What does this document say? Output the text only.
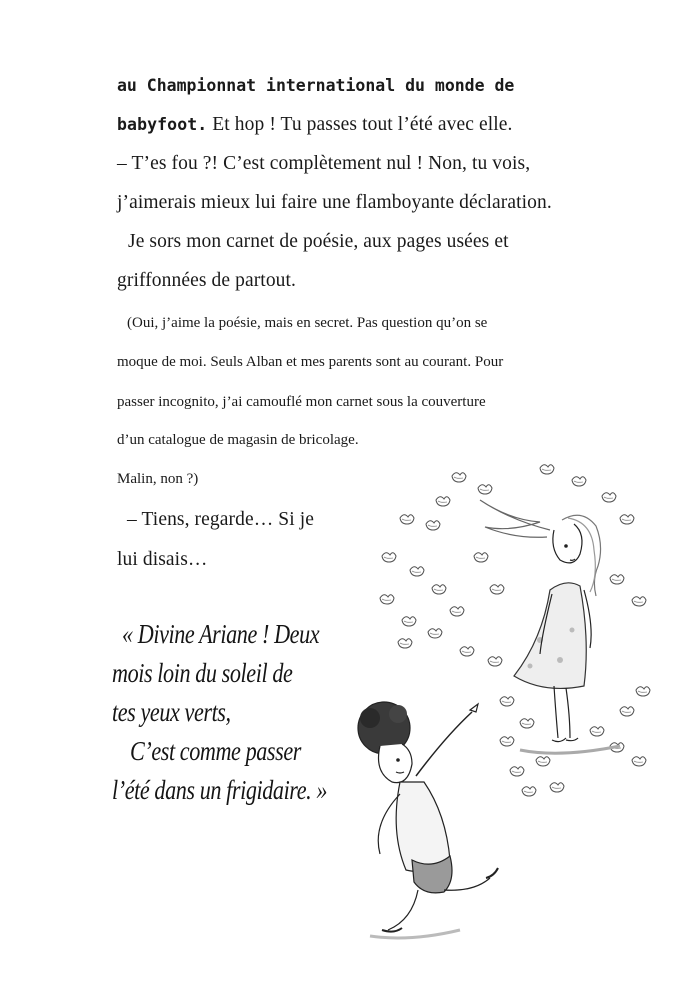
au Championnat international du monde de
babyfoot. Et hop ! Tu passes tout l’été avec elle.
– T’es fou ?! C’est complètement nul ! Non, tu vois,
j’aimerais mieux lui faire une flamboyante déclaration.
Je sors mon carnet de poésie, aux pages usées et
griffonnées de partout.
(Oui, j’aime la poésie, mais en secret. Pas question qu’on se
moque de moi. Seuls Alban et mes parents sont au courant. Pour
passer incognito, j’ai camouflé mon carnet sous la couverture
d’un catalogue de magasin de bricolage.
Malin, non ?)
– Tiens, regarde… Si je
lui disais…
« Divine Ariane ! Deux
mois loin du soleil de
tes yeux verts,
C’est comme passer
l’été dans un frigidaire. »
